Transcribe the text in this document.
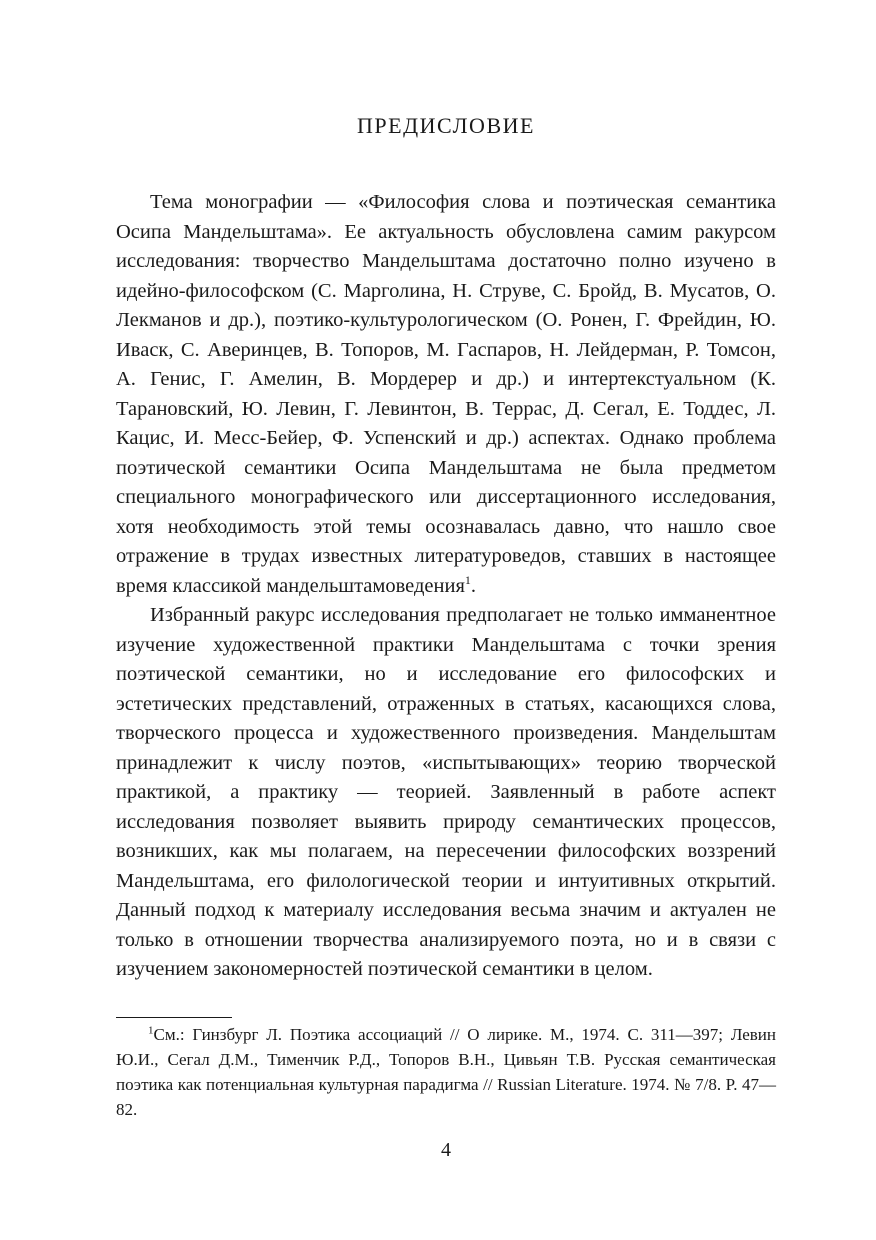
ПРЕДИСЛОВИЕ

Тема монографии — «Философия слова и поэтическая семантика Осипа Мандельштама». Ее актуальность обусловлена самим ракурсом исследования: творчество Мандельштама достаточно полно изучено в идейно-философском (С. Марголина, Н. Струве, С. Бройд, В. Мусатов, О. Лекманов и др.), поэтико-культурологическом (О. Ронен, Г. Фрейдин, Ю. Иваск, С. Аверинцев, В. Топоров, М. Гаспаров, Н. Лейдерман, Р. Томсон, А. Генис, Г. Амелин, В. Мордерер и др.) и интертекстуальном (К. Тарановский, Ю. Левин, Г. Левинтон, В. Террас, Д. Сегал, Е. Тоддес, Л. Кацис, И. Месс-Бейер, Ф. Успенский и др.) аспектах. Однако проблема поэтической семантики Осипа Мандельштама не была предметом специального монографического или диссертационного исследования, хотя необходимость этой темы осознавалась давно, что нашло свое отражение в трудах известных литературоведов, ставших в настоящее время классикой мандельштамоведения$^1$.

Избранный ракурс исследования предполагает не только имманентное изучение художественной практики Мандельштама с точки зрения поэтической семантики, но и исследование его философских и эстетических представлений, отраженных в статьях, касающихся слова, творческого процесса и художественного произведения. Мандельштам принадлежит к числу поэтов, «испытывающих» теорию творческой практикой, а практику — теорией. Заявленный в работе аспект исследования позволяет выявить природу семантических процессов, возникших, как мы полагаем, на пересечении философских воззрений Мандельштама, его филологической теории и интуитивных открытий. Данный подход к материалу исследования весьма значим и актуален не только в отношении творчества анализируемого поэта, но и в связи с изучением закономерностей поэтической семантики в целом.

$^1$См.: Гинзбург Л. Поэтика ассоциаций // О лирике. М., 1974. С. 311—397; Левин Ю.И., Сегал Д.М., Тименчик Р.Д., Топоров В.Н., Цивьян Т.В. Русская семантическая поэтика как потенциальная культурная парадигма // Russian Literature. 1974. № 7/8. P. 47—82.

4
